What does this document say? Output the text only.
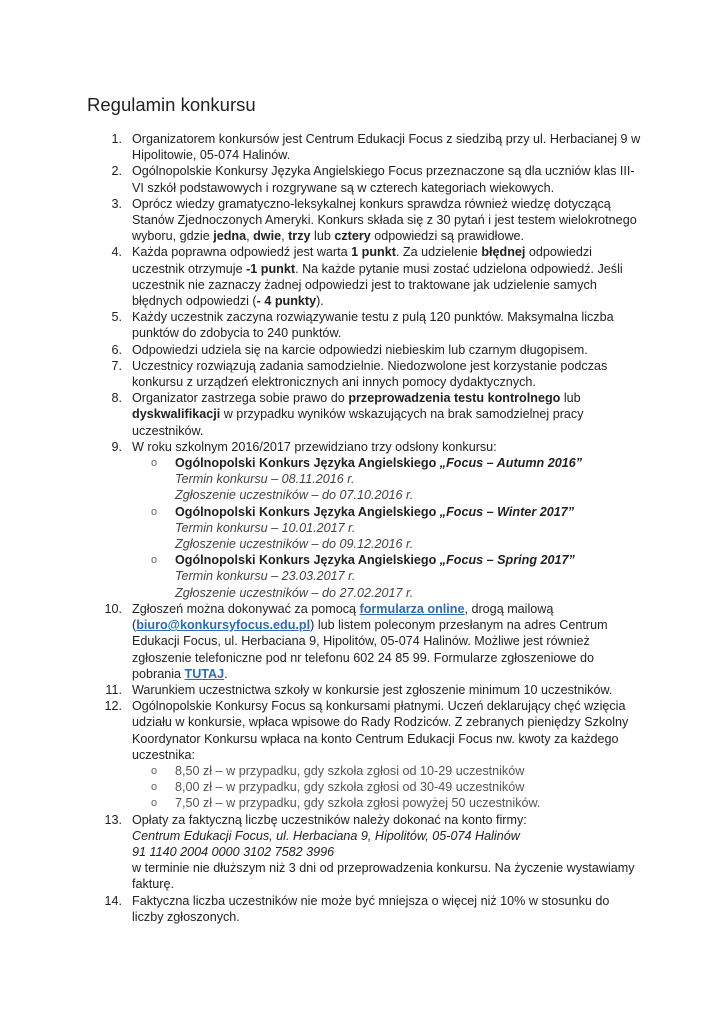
Regulamin konkursu
1. Organizatorem konkursów jest Centrum Edukacji Focus z siedzibą przy ul. Herbacianej 9 w Hipolitowie, 05-074 Halinów.
2. Ogólnopolskie Konkursy Języka Angielskiego Focus przeznaczone są dla uczniów klas III-VI szkół podstawowych i rozgrywane są w czterech kategoriach wiekowych.
3. Oprócz wiedzy gramatyczno-leksykalnej konkurs sprawdza również wiedzę dotyczącą Stanów Zjednoczonych Ameryki. Konkurs składa się z 30 pytań i jest testem wielokrotnego wyboru, gdzie jedna, dwie, trzy lub cztery odpowiedzi są prawidłowe.
4. Każda poprawna odpowiedź jest warta 1 punkt. Za udzielenie błędnej odpowiedzi uczestnik otrzymuje -1 punkt. Na każde pytanie musi zostać udzielona odpowiedź. Jeśli uczestnik nie zaznaczy żadnej odpowiedzi jest to traktowane jak udzielenie samych błędnych odpowiedzi (- 4 punkty).
5. Każdy uczestnik zaczyna rozwiązywanie testu z pulą 120 punktów. Maksymalna liczba punktów do zdobycia to 240 punktów.
6. Odpowiedzi udziela się na karcie odpowiedzi niebieskim lub czarnym długopisem.
7. Uczestnicy rozwiązują zadania samodzielnie. Niedozwolone jest korzystanie podczas konkursu z urządzeń elektronicznych ani innych pomocy dydaktycznych.
8. Organizator zastrzega sobie prawo do przeprowadzenia testu kontrolnego lub dyskwalifikacji w przypadku wyników wskazujących na brak samodzielnej pracy uczestników.
9. W roku szkolnym 2016/2017 przewidziano trzy odsłony konkursu:
o Ogólnopolski Konkurs Języka Angielskiego „Focus – Autumn 2016”
Termin konkursu – 08.11.2016 r.
Zgłoszenie uczestników – do 07.10.2016 r.
o Ogólnopolski Konkurs Języka Angielskiego „Focus – Winter 2017”
Termin konkursu – 10.01.2017 r.
Zgłoszenie uczestników – do 09.12.2016 r.
o Ogólnopolski Konkurs Języka Angielskiego „Focus – Spring 2017”
Termin konkursu – 23.03.2017 r.
Zgłoszenie uczestników – do 27.02.2017 r.
10. Zgłoszeń można dokonywać za pomocą formularza online, drogą mailową (biuro@konkursyfocus.edu.pl) lub listem poleconym przesłanym na adres Centrum Edukacji Focus, ul. Herbaciana 9, Hipolitów, 05-074 Halinów. Możliwe jest również zgłoszenie telefoniczne pod nr telefonu 602 24 85 99. Formularze zgłoszeniowe do pobrania TUTAJ.
11. Warunkiem uczestnictwa szkoły w konkursie jest zgłoszenie minimum 10 uczestników.
12. Ogólnopolskie Konkursy Focus są konkursami płatnymi. Uczeń deklarujący chęć wzięcia udziału w konkursie, wpłaca wpisowe do Rady Rodziców. Z zebranych pieniędzy Szkolny Koordynator Konkursu wpłaca na konto Centrum Edukacji Focus nw. kwoty za każdego uczestnika:
o 8,50 zł – w przypadku, gdy szkoła zgłosi od 10-29 uczestników
o 8,00 zł – w przypadku, gdy szkoła zgłosi od 30-49 uczestników
o 7,50 zł – w przypadku, gdy szkoła zgłosi powyżej 50 uczestników.
13. Opłaty za faktyczną liczbę uczestników należy dokonać na konto firmy:
Centrum Edukacji Focus, ul. Herbaciana 9, Hipolitów, 05-074 Halinów
91 1140 2004 0000 3102 7582 3996
w terminie nie dłuższym niż 3 dni od przeprowadzenia konkursu. Na życzenie wystawiamy fakturę.
14. Faktyczna liczba uczestników nie może być mniejsza o więcej niż 10% w stosunku do liczby zgłoszonych.
